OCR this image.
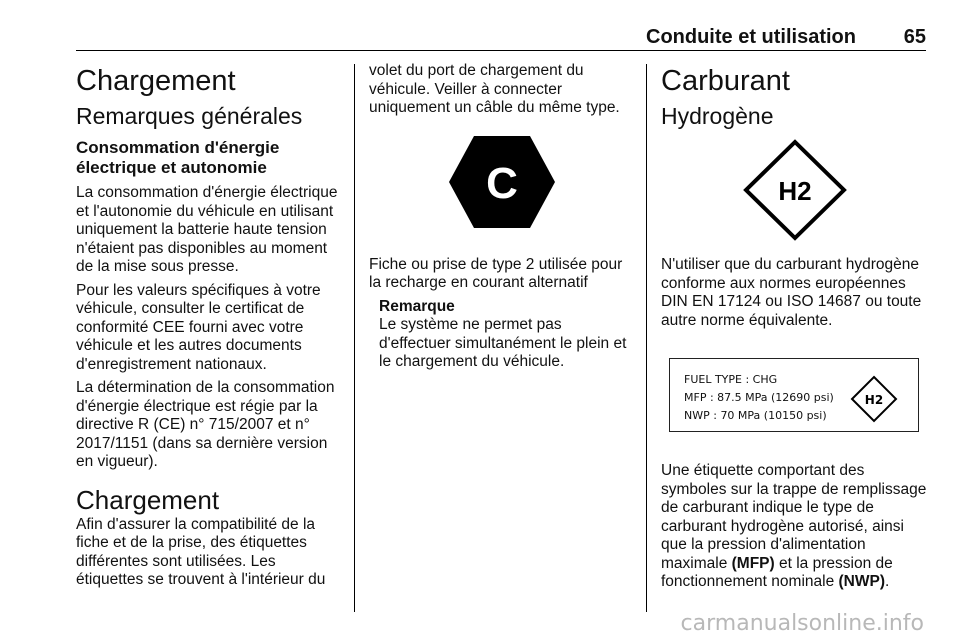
Conduite et utilisation 65
Chargement
Remarques générales
Consommation d'énergie électrique et autonomie

La consommation d'énergie électrique et l'autonomie du véhicule en utilisant uniquement la batterie haute tension n'étaient pas disponibles au moment de la mise sous presse.

Pour les valeurs spécifiques à votre véhicule, consulter le certificat de conformité CEE fourni avec votre véhicule et les autres documents d'enregistrement nationaux.

La détermination de la consommation d'énergie électrique est régie par la directive R (CE) n° 715/2007 et n° 2017/1151 (dans sa dernière version en vigueur).

Chargement

Afin d'assurer la compatibilité de la fiche et de la prise, des étiquettes différentes sont utilisées. Les étiquettes se trouvent à l'intérieur du

volet du port de chargement du véhicule. Veiller à connecter uniquement un câble du même type.

C

Fiche ou prise de type 2 utilisée pour la recharge en courant alternatif

Remarque

Le système ne permet pas d'effectuer simultanément le plein et le chargement du véhicule.

Carburant
Hydrogène
H2

N'utiliser que du carburant hydrogène conforme aux normes européennes DIN EN 17124 ou ISO 14687 ou toute autre norme équivalente.

FUEL TYPE : CHG
MFP : 87.5 MPa (12690 psi)
NWP : 70 MPa (10150 psi)
H2

Une étiquette comportant des symboles sur la trappe de remplissage de carburant indique le type de carburant hydrogène autorisé, ainsi que la pression d'alimentation maximale (MFP) et la pression de fonctionnement nominale (NWP).

carmanualsonline.info
